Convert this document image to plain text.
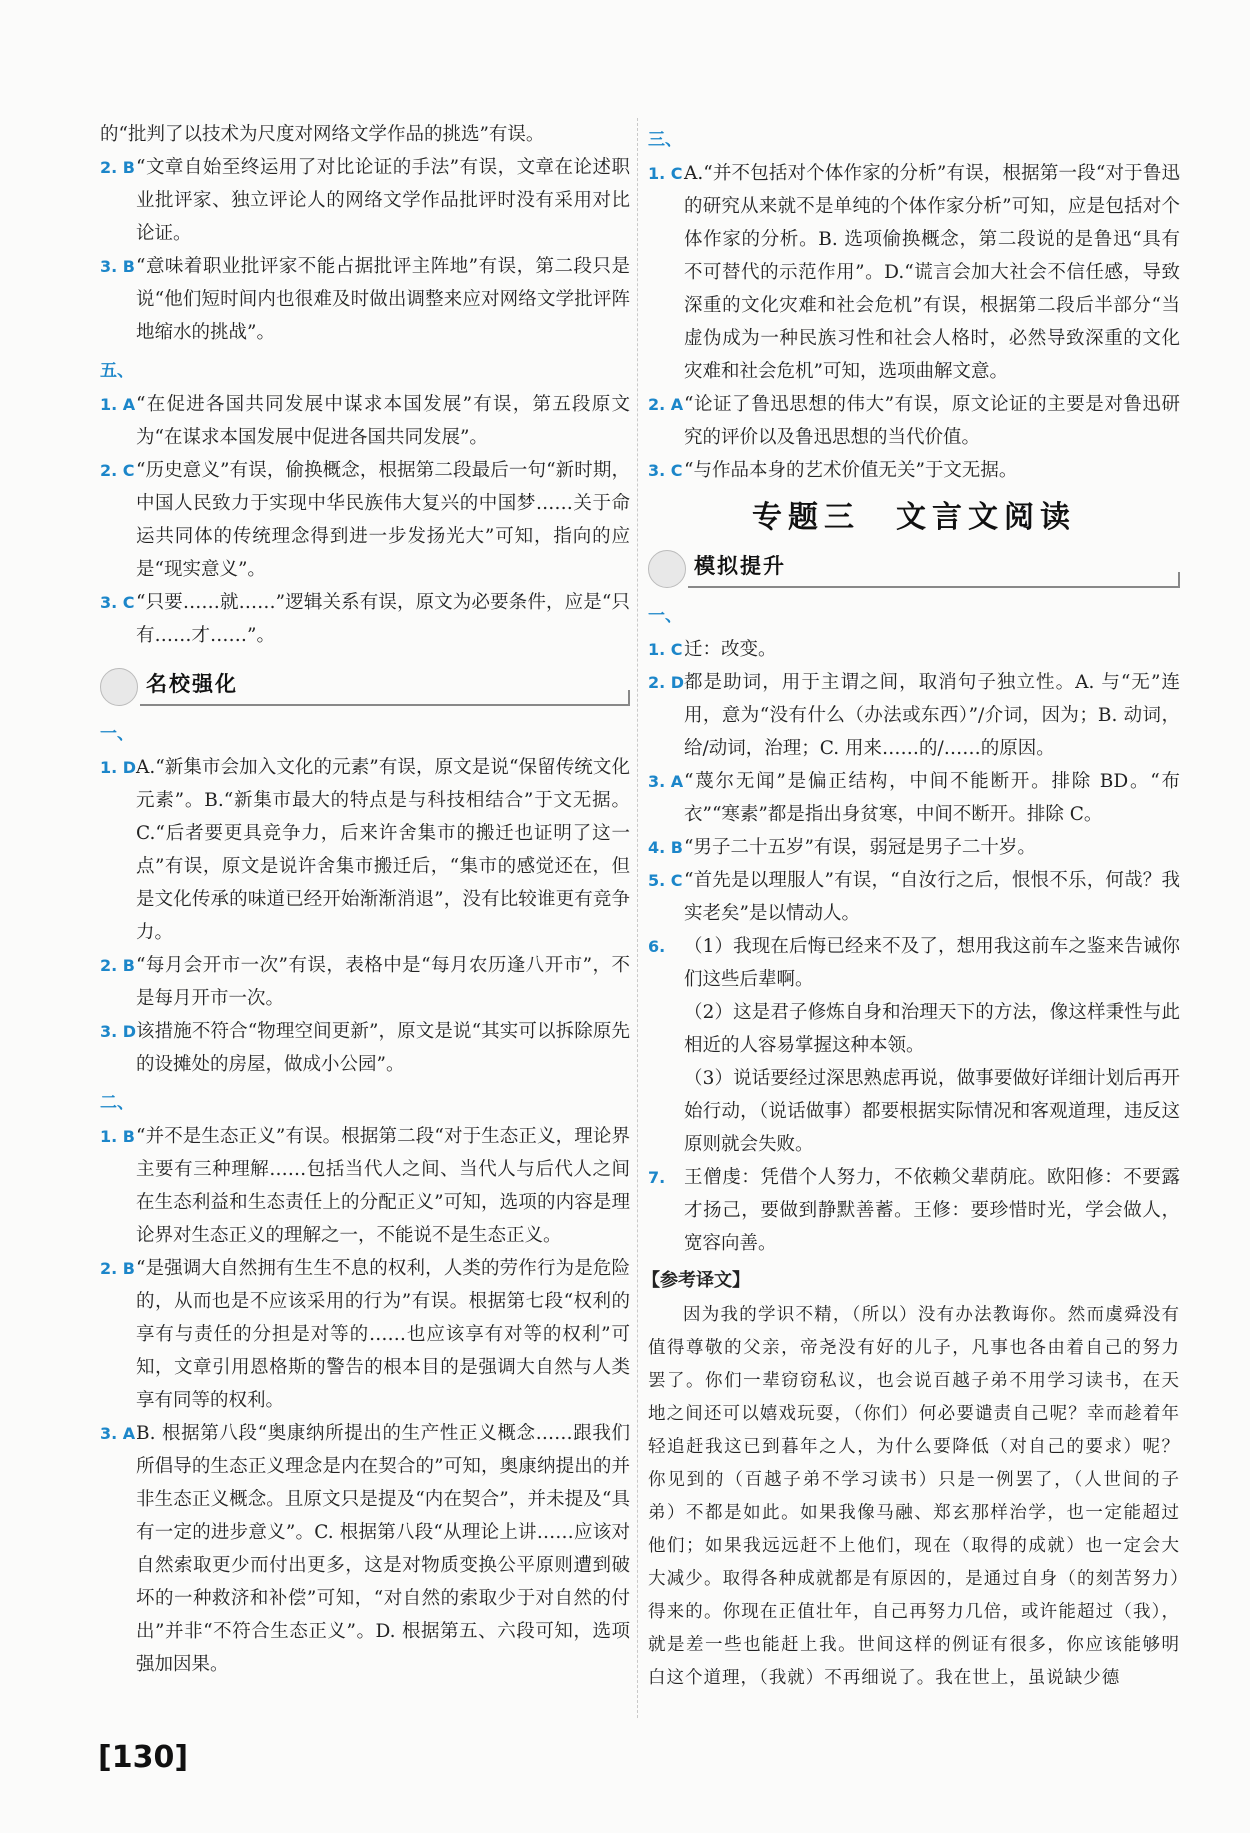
的“批判了以技术为尺度对网络文学作品的挑选”有误。

2. B “文章自始至终运用了对比论证的手法”有误，文章在论述职业批评家、独立评论人的网络文学作品批评时没有采用对比论证。

3. B “意味着职业批评家不能占据批评主阵地”有误，第二段只是说“他们短时间内也很难及时做出调整来应对网络文学批评阵地缩水的挑战”。

五、

1. A “在促进各国共同发展中谋求本国发展”有误，第五段原文为“在谋求本国发展中促进各国共同发展”。

2. C “历史意义”有误，偷换概念，根据第二段最后一句“新时期，中国人民致力于实现中华民族伟大复兴的中国梦……关于命运共同体的传统理念得到进一步发扬光大”可知，指向的应是“现实意义”。

3. C “只要……就……”逻辑关系有误，原文为必要条件，应是“只有……才……”。

名校强化
一、

1. D A.“新集市会加入文化的元素”有误，原文是说“保留传统文化元素”。B.“新集市最大的特点是与科技相结合”于文无据。C.“后者要更具竞争力，后来许舍集市的搬迁也证明了这一点”有误，原文是说许舍集市搬迁后，“集市的感觉还在，但是文化传承的味道已经开始渐渐消退”，没有比较谁更有竞争力。

2. B “每月会开市一次”有误，表格中是“每月农历逢八开市”，不是每月开市一次。

3. D 该措施不符合“物理空间更新”，原文是说“其实可以拆除原先的设摊处的房屋，做成小公园”。

二、

1. B “并不是生态正义”有误。根据第二段“对于生态正义，理论界主要有三种理解……包括当代人之间、当代人与后代人之间在生态利益和生态责任上的分配正义”可知，选项的内容是理论界对生态正义的理解之一，不能说不是生态正义。

2. B “是强调大自然拥有生生不息的权利，人类的劳作行为是危险的，从而也是不应该采用的行为”有误。根据第七段“权利的享有与责任的分担是对等的……也应该享有对等的权利”可知，文章引用恩格斯的警告的根本目的是强调大自然与人类享有同等的权利。

3. A B. 根据第八段“奥康纳所提出的生产性正义概念……跟我们所倡导的生态正义理念是内在契合的”可知，奥康纳提出的并非生态正义概念。且原文只是提及“内在契合”，并未提及“具有一定的进步意义”。C. 根据第八段“从理论上讲……应该对自然索取更少而付出更多，这是对物质变换公平原则遭到破坏的一种救济和补偿”可知，“对自然的索取少于对自然的付出”并非“不符合生态正义”。D. 根据第五、六段可知，选项强加因果。

三、

1. C A.“并不包括对个体作家的分析”有误，根据第一段“对于鲁迅的研究从来就不是单纯的个体作家分析”可知，应是包括对个体作家的分析。B. 选项偷换概念，第二段说的是鲁迅“具有不可替代的示范作用”。D.“谎言会加大社会不信任感，导致深重的文化灾难和社会危机”有误，根据第二段后半部分“当虚伪成为一种民族习性和社会人格时，必然导致深重的文化灾难和社会危机”可知，选项曲解文意。

2. A “论证了鲁迅思想的伟大”有误，原文论证的主要是对鲁迅研究的评价以及鲁迅思想的当代价值。

3. C “与作品本身的艺术价值无关”于文无据。

专题三　文言文阅读
模拟提升
一、

1. C 迁：改变。

2. D 都是助词，用于主谓之间，取消句子独立性。A. 与“无”连用，意为“没有什么（办法或东西）”/介词，因为；B. 动词，给/动词，治理；C. 用来……的/……的原因。

3. A “蔑尔无闻”是偏正结构，中间不能断开。排除 BD。“布衣”“寒素”都是指出身贫寒，中间不断开。排除 C。

4. B “男子二十五岁”有误，弱冠是男子二十岁。

5. C “首先是以理服人”有误，“自汝行之后，恨恨不乐，何哉？我实老矣”是以情动人。

6. （1）我现在后悔已经来不及了，想用我这前车之鉴来告诫你们这些后辈啊。

（2）这是君子修炼自身和治理天下的方法，像这样秉性与此相近的人容易掌握这种本领。

（3）说话要经过深思熟虑再说，做事要做好详细计划后再开始行动，（说话做事）都要根据实际情况和客观道理，违反这原则就会失败。

7. 王僧虔：凭借个人努力，不依赖父辈荫庇。欧阳修：不要露才扬己，要做到静默善蓄。王修：要珍惜时光，学会做人，宽容向善。

【参考译文】

因为我的学识不精，（所以）没有办法教诲你。然而虞舜没有值得尊敬的父亲，帝尧没有好的儿子，凡事也各由着自己的努力罢了。你们一辈窃窃私议，也会说百越子弟不用学习读书，在天地之间还可以嬉戏玩耍，（你们）何必要谴责自己呢？幸而趁着年轻追赶我这已到暮年之人，为什么要降低（对自己的要求）呢？你见到的（百越子弟不学习读书）只是一例罢了，（人世间的子弟）不都是如此。如果我像马融、郑玄那样治学，也一定能超过他们；如果我远远赶不上他们，现在（取得的成就）也一定会大大减少。取得各种成就都是有原因的，是通过自身（的刻苦努力）得来的。你现在正值壮年，自己再努力几倍，或许能超过（我），就是差一些也能赶上我。世间这样的例证有很多，你应该能够明白这个道理，（我就）不再细说了。我在世上，虽说缺少德

[130]
